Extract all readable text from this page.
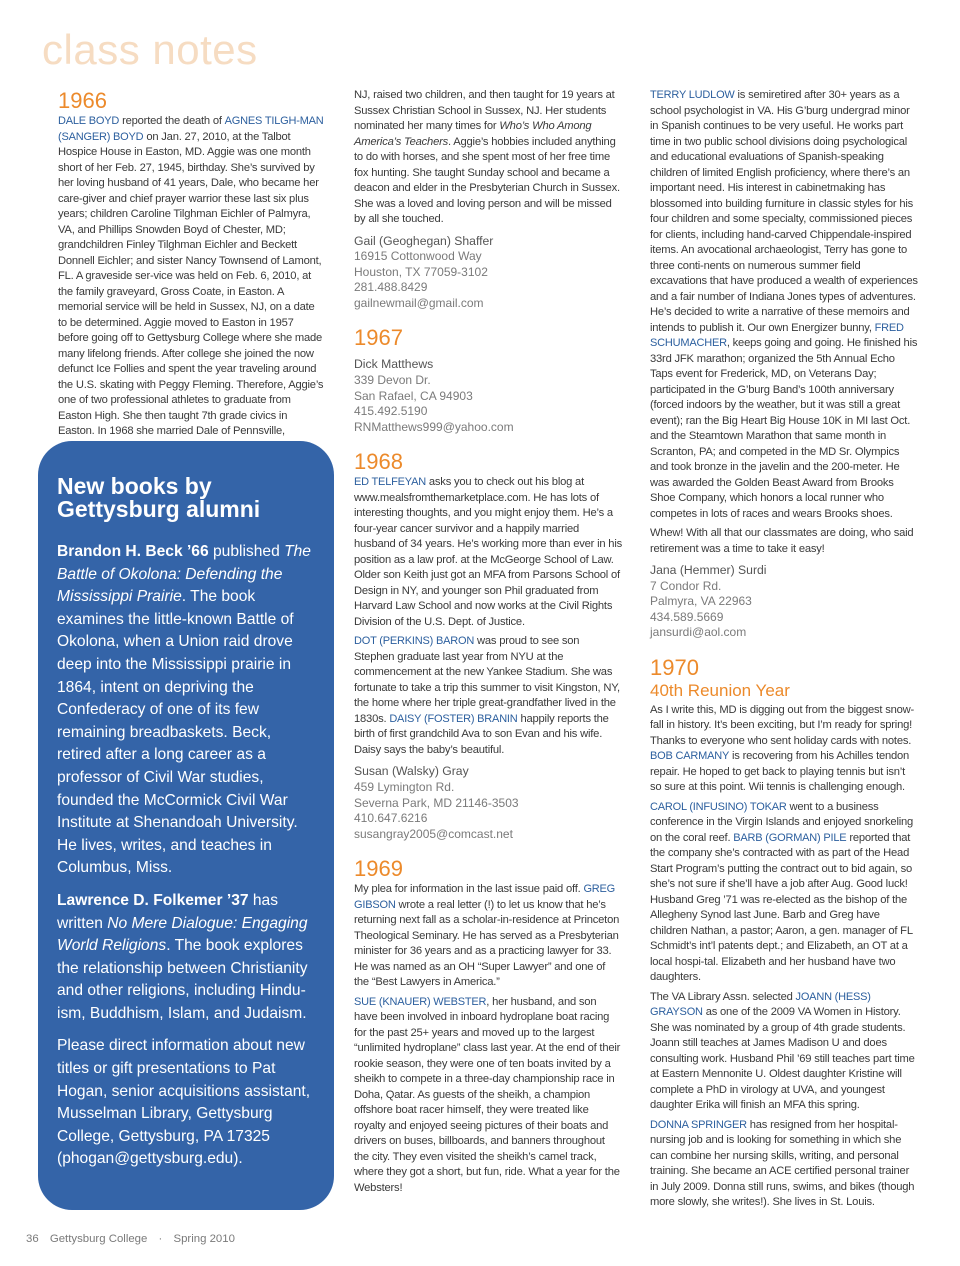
class notes
1966

DALE BOYD reported the death of AGNES TILGH-MAN (SANGER) BOYD on Jan. 27, 2010, at the Talbot Hospice House in Easton, MD. Aggie was one month short of her Feb. 27, 1945, birthday. She’s survived by her loving husband of 41 years, Dale, who became her care-giver and chief prayer warrior these last six plus years; children Caroline Tilghman Eichler of Palmyra, VA, and Phillips Snowden Boyd of Chester, MD; grandchildren Finley Tilghman Eichler and Beckett Donnell Eichler; and sister Nancy Townsend of Lamont, FL. A graveside ser-vice was held on Feb. 6, 2010, at the family graveyard, Gross Coate, in Easton. A memorial service will be held in Sussex, NJ, on a date to be determined. Aggie moved to Easton in 1957 before going off to Gettysburg College where she made many lifelong friends. After college she joined the now defunct Ice Follies and spent the year traveling around the U.S. skating with Peggy Fleming. Therefore, Aggie’s one of two professional athletes to graduate from Easton High. She then taught 7th grade civics in Easton. In 1968 she married Dale of Pennsville,

New books by Gettysburg alumni

Brandon H. Beck ’66 published The Battle of Okolona: Defending the Mississippi Prairie. The book examines the little-known Battle of Okolona, when a Union raid drove deep into the Mississippi prairie in 1864, intent on depriving the Confederacy of one of its few remaining breadbaskets. Beck, retired after a long career as a professor of Civil War studies, founded the McCormick Civil War Institute at Shenandoah University. He lives, writes, and teaches in Columbus, Miss.

Lawrence D. Folkemer ’37 has written No Mere Dialogue: Engaging World Religions. The book explores the relationship between Christianity and other religions, including Hindu-ism, Buddhism, Islam, and Judaism.

Please direct information about new titles or gift presentations to Pat Hogan, senior acquisitions assistant, Musselman Library, Gettysburg College, Gettysburg, PA 17325 (phogan@gettysburg.edu).

NJ, raised two children, and then taught for 19 years at Sussex Christian School in Sussex, NJ. Her students nominated her many times for Who’s Who Among America’s Teachers. Aggie’s hobbies included anything to do with horses, and she spent most of her free time fox hunting. She taught Sunday school and became a deacon and elder in the Presbyterian Church in Sussex. She was a loved and loving person and will be missed by all she touched.

Gail (Geoghegan) Shaffer
16915 Cottonwood Way
Houston, TX 77059-3102
281.488.8429
gailnewmail@gmail.com
1967
Dick Matthews
339 Devon Dr.
San Rafael, CA 94903
415.492.5190
RNMatthews999@yahoo.com
1968

ED TELFEYAN asks you to check out his blog at www.mealsfromthemarketplace.com. He has lots of interesting thoughts, and you might enjoy them. He’s a four-year cancer survivor and a happily married husband of 34 years. He’s working more than ever in his position as a law prof. at the McGeorge School of Law. Older son Keith just got an MFA from Parsons School of Design in NY, and younger son Phil graduated from Harvard Law School and now works at the Civil Rights Division of the U.S. Dept. of Justice.

DOT (PERKINS) BARON was proud to see son Stephen graduate last year from NYU at the commencement at the new Yankee Stadium. She was fortunate to take a trip this summer to visit Kingston, NY, the home where her triple great-grandfather lived in the 1830s. DAISY (FOSTER) BRANIN happily reports the birth of first grandchild Ava to son Evan and his wife. Daisy says the baby’s beautiful.

Susan (Walsky) Gray
459 Lymington Rd.
Severna Park, MD 21146-3503
410.647.6216
susangray2005@comcast.net
1969

My plea for information in the last issue paid off. GREG GIBSON wrote a real letter (!) to let us know that he’s returning next fall as a scholar-in-residence at Princeton Theological Seminary. He has served as a Presbyterian minister for 36 years and as a practicing lawyer for 33. He was named as an OH “Super Lawyer” and one of the “Best Lawyers in America.”

SUE (KNAUER) WEBSTER, her husband, and son have been involved in inboard hydroplane boat racing for the past 25+ years and moved up to the largest “unlimited hydroplane” class last year. At the end of their rookie season, they were one of ten boats invited by a sheikh to compete in a three-day championship race in Doha, Qatar. As guests of the sheikh, a champion offshore boat racer himself, they were treated like royalty and enjoyed seeing pictures of their boats and drivers on buses, billboards, and banners throughout the city. They even visited the sheikh’s camel track, where they got a short, but fun, ride. What a year for the Websters!

TERRY LUDLOW is semiretired after 30+ years as a school psychologist in VA. His G’burg undergrad minor in Spanish continues to be very useful. He works part time in two public school divisions doing psychological and educational evaluations of Spanish-speaking children of limited English proficiency, where there’s an important need. His interest in cabinetmaking has blossomed into building furniture in classic styles for his four children and some specialty, commissioned pieces for clients, including hand-carved Chippendale-inspired items. An avocational archaeologist, Terry has gone to three conti-nents on numerous summer field excavations that have produced a wealth of experiences and a fair number of Indiana Jones types of adventures. He’s decided to write a narrative of these memoirs and intends to publish it. Our own Energizer bunny, FRED SCHUMACHER, keeps going and going. He finished his 33rd JFK marathon; organized the 5th Annual Echo Taps event for Frederick, MD, on Veterans Day; participated in the G’burg Band’s 100th anniversary (forced indoors by the weather, but it was still a great event); ran the Big Heart Big House 10K in MI last Oct. and the Steamtown Marathon that same month in Scranton, PA; and competed in the MD Sr. Olympics and took bronze in the javelin and the 200-meter. He was awarded the Golden Beast Award from Brooks Shoe Company, which honors a local runner who competes in lots of races and wears Brooks shoes.

Whew! With all that our classmates are doing, who said retirement was a time to take it easy!

Jana (Hemmer) Surdi
7 Condor Rd.
Palmyra, VA 22963
434.589.5669
jansurdi@aol.com
1970
40th Reunion Year

As I write this, MD is digging out from the biggest snow-fall in history. It’s been exciting, but I’m ready for spring! Thanks to everyone who sent holiday cards with notes. BOB CARMANY is recovering from his Achilles tendon repair. He hoped to get back to playing tennis but isn’t so sure at this point. Wii tennis is challenging enough.

CAROL (INFUSINO) TOKAR went to a business conference in the Virgin Islands and enjoyed snorkeling on the coral reef. BARB (GORMAN) PILE reported that the company she’s contracted with as part of the Head Start Program’s putting the contract out to bid again, so she’s not sure if she’ll have a job after Aug. Good luck! Husband Greg ’71 was re-elected as the bishop of the Allegheny Synod last June. Barb and Greg have children Nathan, a pastor; Aaron, a gen. manager of FL Schmidt’s int’l patents dept.; and Elizabeth, an OT at a local hospi-tal. Elizabeth and her husband have two daughters.

The VA Library Assn. selected JOANN (HESS) GRAYSON as one of the 2009 VA Women in History. She was nominated by a group of 4th grade students. Joann still teaches at James Madison U and does consulting work. Husband Phil ’69 still teaches part time at Eastern Mennonite U. Oldest daughter Kristine will complete a PhD in virology at UVA, and youngest daughter Erika will finish an MFA this spring.

DONNA SPRINGER has resigned from her hospital-nursing job and is looking for something in which she can combine her nursing skills, writing, and personal training. She became an ACE certified personal trainer in July 2009. Donna still runs, swims, and bikes (though more slowly, she writes!). She lives in St. Louis.

36 Gettysburg College · Spring 2010
